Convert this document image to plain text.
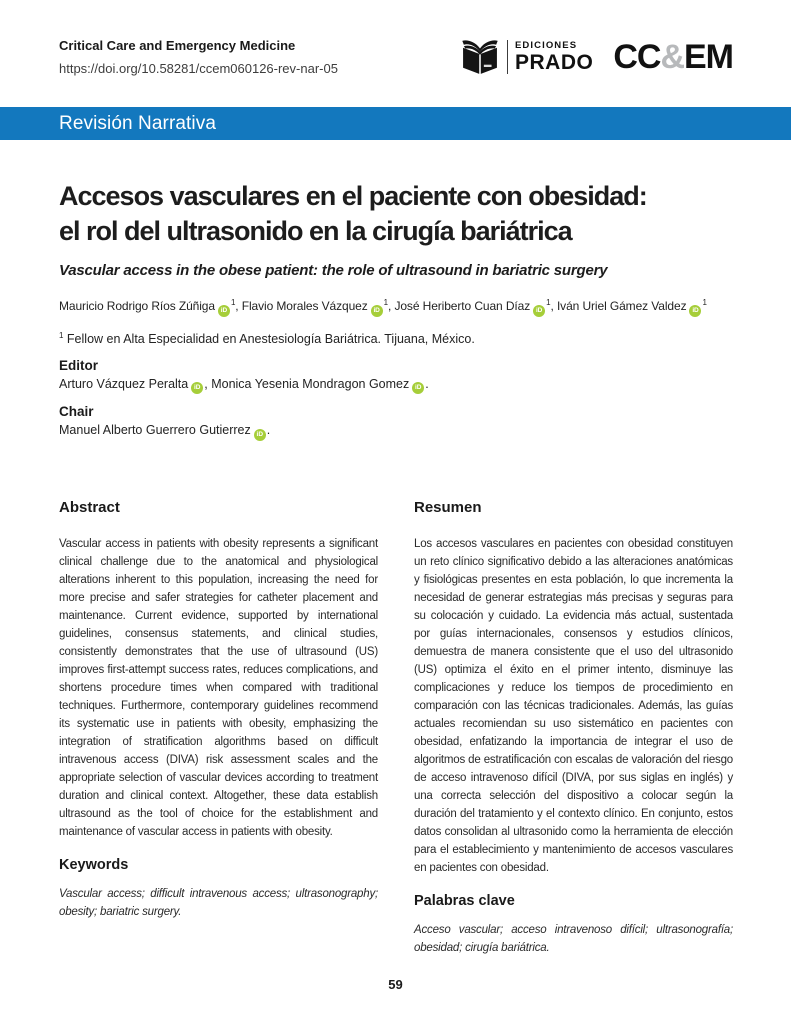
Critical Care and Emergency Medicine
https://doi.org/10.58281/ccem060126-rev-nar-05
EDICIONES
PRADO CC&EM
Revisión Narrativa
Accesos vasculares en el paciente con obesidad:
el rol del ultrasonido en la cirugía bariátrica
Vascular access in the obese patient: the role of ultrasound in bariatric surgery

Mauricio Rodrigo Ríos Zúñiga $iD^1$, Flavio Morales Vázquez $iD^1$, José Heriberto Cuan Díaz $iD^1$, Iván Uriel Gámez Valdez $iD^1$

$^1$ Fellow en Alta Especialidad en Anestesiología Bariátrica. Tijuana, México.

Editor

Arturo Vázquez Peralta iD , Monica Yesenia Mondragon Gomez iD .

Chair

Manuel Alberto Guerrero Gutierrez iD .

Abstract

Vascular access in patients with obesity represents a significant clinical challenge due to the anatomical and physiological alterations inherent to this population, increasing the need for more precise and safer strategies for catheter placement and maintenance. Current evidence, supported by international guidelines, consensus statements, and clinical studies, consistently demonstrates that the use of ultrasound (US) improves first-attempt success rates, reduces complications, and shortens procedure times when compared with traditional techniques. Furthermore, contemporary guidelines recommend its systematic use in patients with obesity, emphasizing the integration of stratification algorithms based on difficult intravenous access (DIVA) risk assessment scales and the appropriate selection of vascular devices according to treatment duration and clinical context. Altogether, these data establish ultrasound as the tool of choice for the establishment and maintenance of vascular access in patients with obesity.

Keywords

Vascular access; difficult intravenous access; ultrasonography; obesity; bariatric surgery.

Resumen

Los accesos vasculares en pacientes con obesidad constituyen un reto clínico significativo debido a las alteraciones anatómicas y fisiológicas presentes en esta población, lo que incrementa la necesidad de generar estrategias más precisas y seguras para su colocación y cuidado. La evidencia más actual, sustentada por guías internacionales, consensos y estudios clínicos, demuestra de manera consistente que el uso del ultrasonido (US) optimiza el éxito en el primer intento, disminuye las complicaciones y reduce los tiempos de procedimiento en comparación con las técnicas tradicionales. Además, las guías actuales recomiendan su uso sistemático en pacientes con obesidad, enfatizando la importancia de integrar el uso de algoritmos de estratificación con escalas de valoración del riesgo de acceso intravenoso difícil (DIVA, por sus siglas en inglés) y una correcta selección del dispositivo a colocar según la duración del tratamiento y el contexto clínico. En conjunto, estos datos consolidan al ultrasonido como la herramienta de elección para el establecimiento y mantenimiento de accesos vasculares en pacientes con obesidad.

Palabras clave

Acceso vascular; acceso intravenoso difícil; ultrasonografía; obesidad; cirugía bariátrica.

59
